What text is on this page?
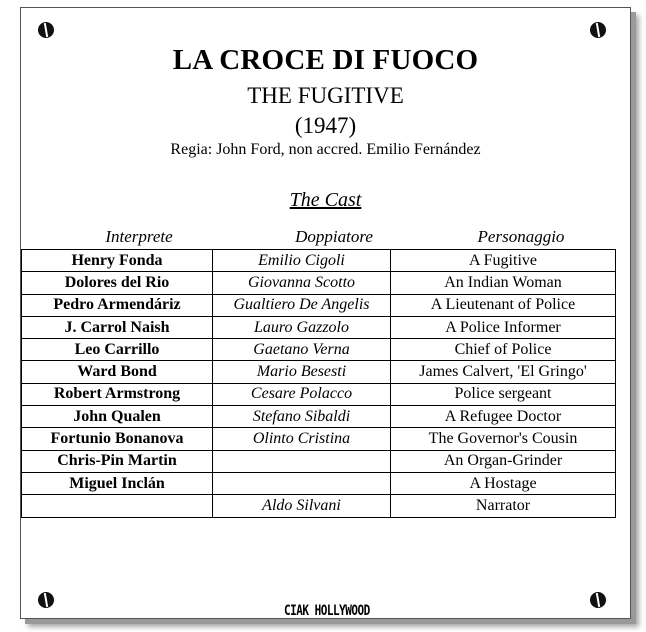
LA CROCE DI FUOCO
THE FUGITIVE
(1947)
Regia: John Ford, non accred. Emilio Fernández
The Cast
Interprete	Doppiatore	Personaggio
Henry Fonda	Emilio Cigoli	A Fugitive
Dolores del Rio	Giovanna Scotto	An Indian Woman
Pedro Armendáriz	Gualtiero De Angelis	A Lieutenant of Police
J. Carrol Naish	Lauro Gazzolo	A Police Informer
Leo Carrillo	Gaetano Verna	Chief of Police
Ward Bond	Mario Besesti	James Calvert, 'El Gringo'
Robert Armstrong	Cesare Polacco	Police sergeant
John Qualen	Stefano Sibaldi	A Refugee Doctor
Fortunio Bonanova	Olinto Cristina	The Governor's Cousin
Chris-Pin Martin		An Organ-Grinder
Miguel Inclán		A Hostage
	Aldo Silvani	Narrator
CIAK HOLLYWOOD
